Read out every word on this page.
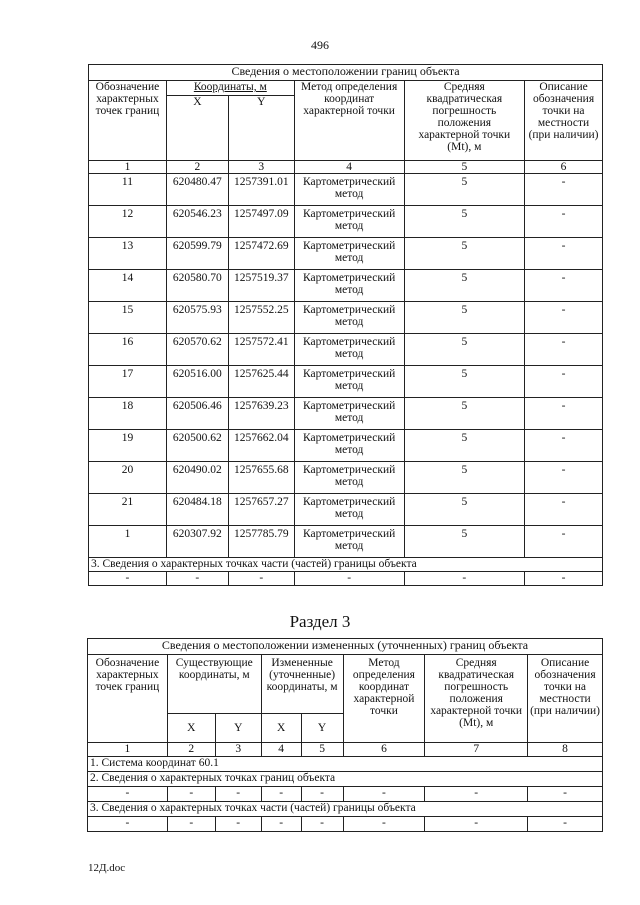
496
Сведения о местоположении границ объекта					
Обозначение характерных точек границ	Координаты, м		Метод определения координат характерной точки	Средняя квадратическая погрешность положения характерной точки (Mt), м	Описание обозначения точки на местности (при наличии)
	X	Y			
1	2	3	4	5	6
11	620480.47	1257391.01	Картометрический метод	5	-
12	620546.23	1257497.09	Картометрический метод	5	-
13	620599.79	1257472.69	Картометрический метод	5	-
14	620580.70	1257519.37	Картометрический метод	5	-
15	620575.93	1257552.25	Картометрический метод	5	-
16	620570.62	1257572.41	Картометрический метод	5	-
17	620516.00	1257625.44	Картометрический метод	5	-
18	620506.46	1257639.23	Картометрический метод	5	-
19	620500.62	1257662.04	Картометрический метод	5	-
20	620490.02	1257655.68	Картометрический метод	5	-
21	620484.18	1257657.27	Картометрический метод	5	-
1	620307.92	1257785.79	Картометрический метод	5	-
3. Сведения о характерных точках части (частей) границы объекта					
-	-	-	-	-	-
Раздел 3
Сведения о местоположении измененных (уточненных) границ объекта							
Обозначение характерных точек границ	Существующие координаты, м		Измененные (уточненные) координаты, м		Метод определения координат характерной точки	Средняя квадратическая погрешность положения характерной точки (Mt), м	Описание обозначения точки на местности (при наличии)
	X	Y	X	Y			
1	2	3	4	5	6	7	8
1. Система координат 60.1							
2. Сведения о характерных точках границ объекта							
-	-	-	-	-	-	-	-
3. Сведения о характерных точках части (частей) границы объекта							
-	-	-	-	-	-	-	-
12Д.doc
